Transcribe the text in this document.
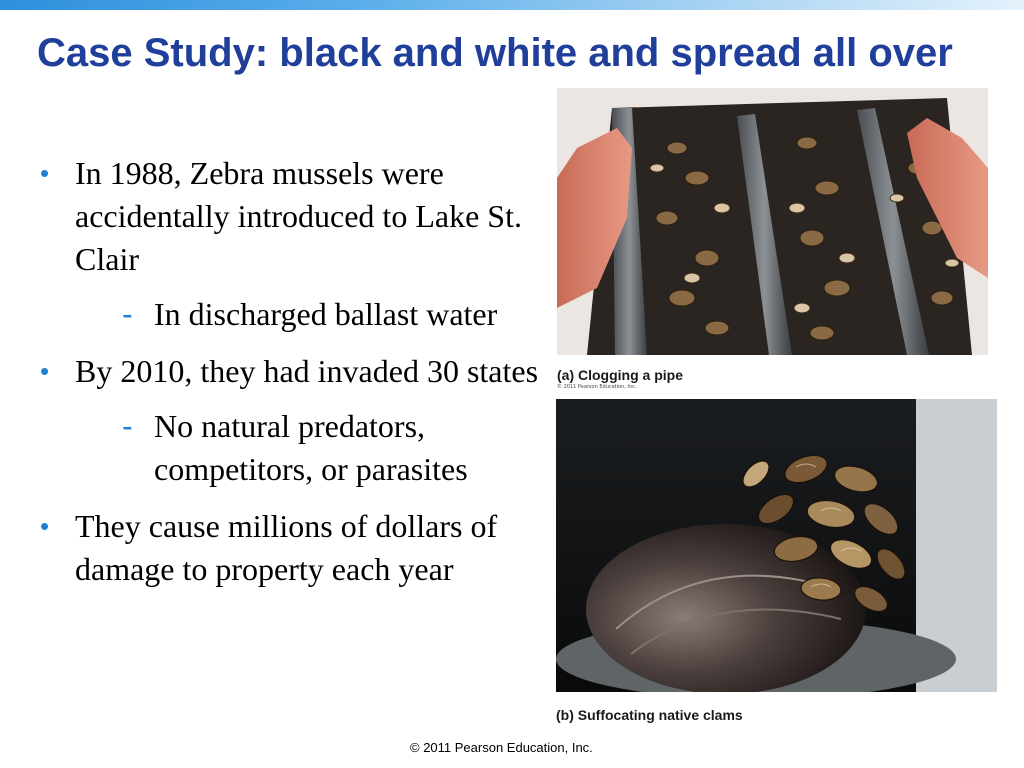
Case Study: black and white and spread all over
• In 1988, Zebra mussels were accidentally introduced to Lake St. Clair
- In discharged ballast water
• By 2010, they had invaded 30 states
- No natural predators, competitors, or parasites
• They cause millions of dollars of damage to property each year
(a) Clogging a pipe
© 2011 Pearson Education, Inc.
(b) Suffocating native clams
© 2011 Pearson Education, Inc.
